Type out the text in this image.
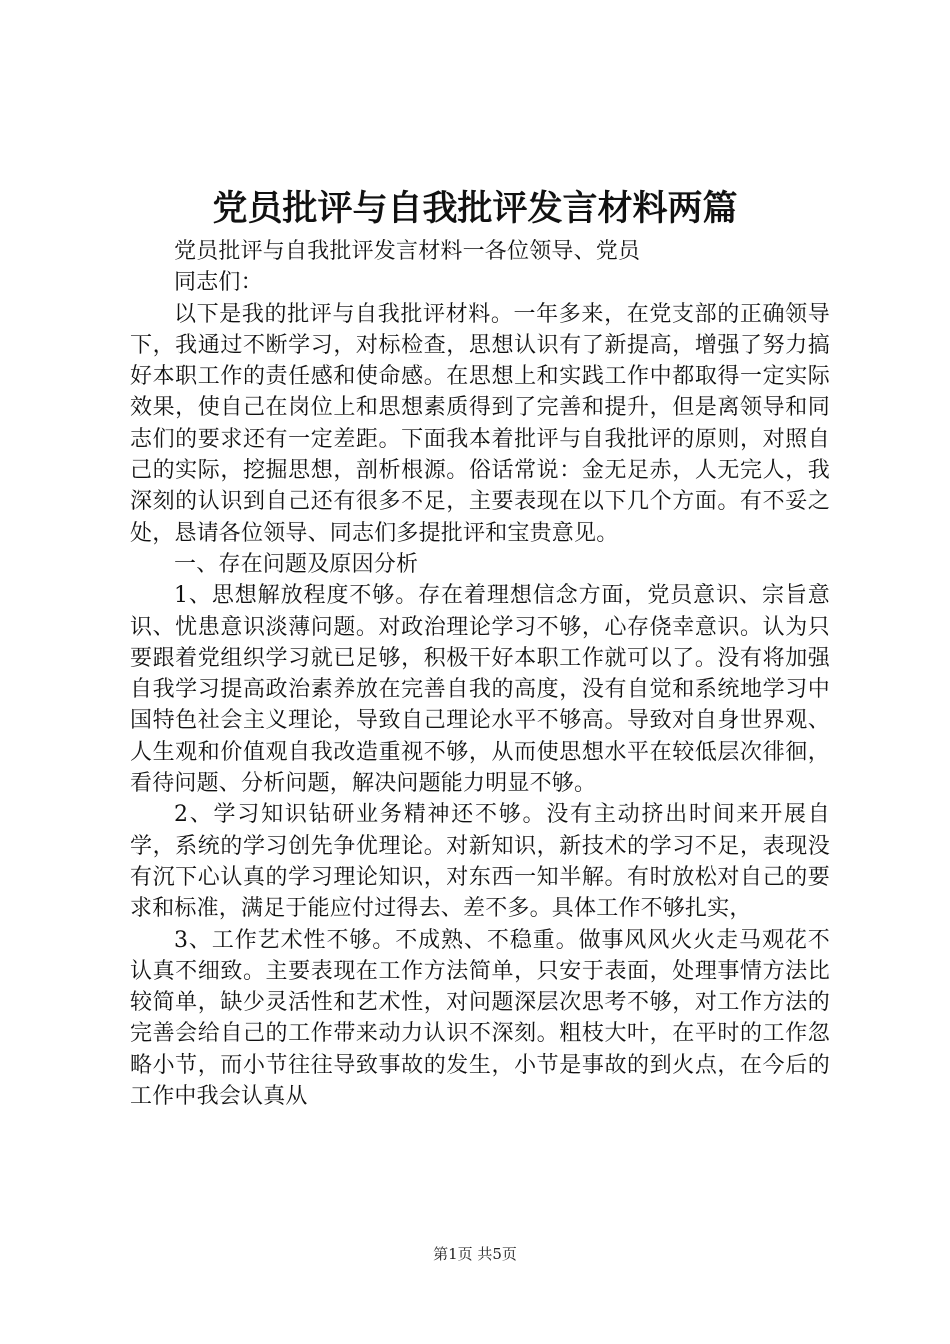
党员批评与自我批评发言材料两篇

党员批评与自我批评发言材料一各位领导、党员

同志们：

以下是我的批评与自我批评材料。一年多来，在党支部的正确领导下，我通过不断学习，对标检查，思想认识有了新提高，增强了努力搞好本职工作的责任感和使命感。在思想上和实践工作中都取得一定实际效果，使自己在岗位上和思想素质得到了完善和提升，但是离领导和同志们的要求还有一定差距。下面我本着批评与自我批评的原则，对照自己的实际，挖掘思想，剖析根源。俗话常说：金无足赤，人无完人，我深刻的认识到自己还有很多不足，主要表现在以下几个方面。有不妥之处，恳请各位领导、同志们多提批评和宝贵意见。

一、存在问题及原因分析

1、思想解放程度不够。存在着理想信念方面，党员意识、宗旨意识、忧患意识淡薄问题。对政治理论学习不够，心存侥幸意识。认为只要跟着党组织学习就已足够，积极干好本职工作就可以了。没有将加强自我学习提高政治素养放在完善自我的高度，没有自觉和系统地学习中国特色社会主义理论，导致自己理论水平不够高。导致对自身世界观、人生观和价值观自我改造重视不够，从而使思想水平在较低层次徘徊，看待问题、分析问题，解决问题能力明显不够。

2、学习知识钻研业务精神还不够。没有主动挤出时间来开展自学，系统的学习创先争优理论。对新知识，新技术的学习不足，表现没有沉下心认真的学习理论知识，对东西一知半解。有时放松对自己的要求和标准，满足于能应付过得去、差不多。具体工作不够扎实，

3、工作艺术性不够。不成熟、不稳重。做事风风火火走马观花不认真不细致。主要表现在工作方法简单，只安于表面，处理事情方法比较简单，缺少灵活性和艺术性，对问题深层次思考不够，对工作方法的完善会给自己的工作带来动力认识不深刻。粗枝大叶，在平时的工作忽略小节，而小节往往导致事故的发生，小节是事故的到火点，在今后的工作中我会认真从

第1页 共5页
